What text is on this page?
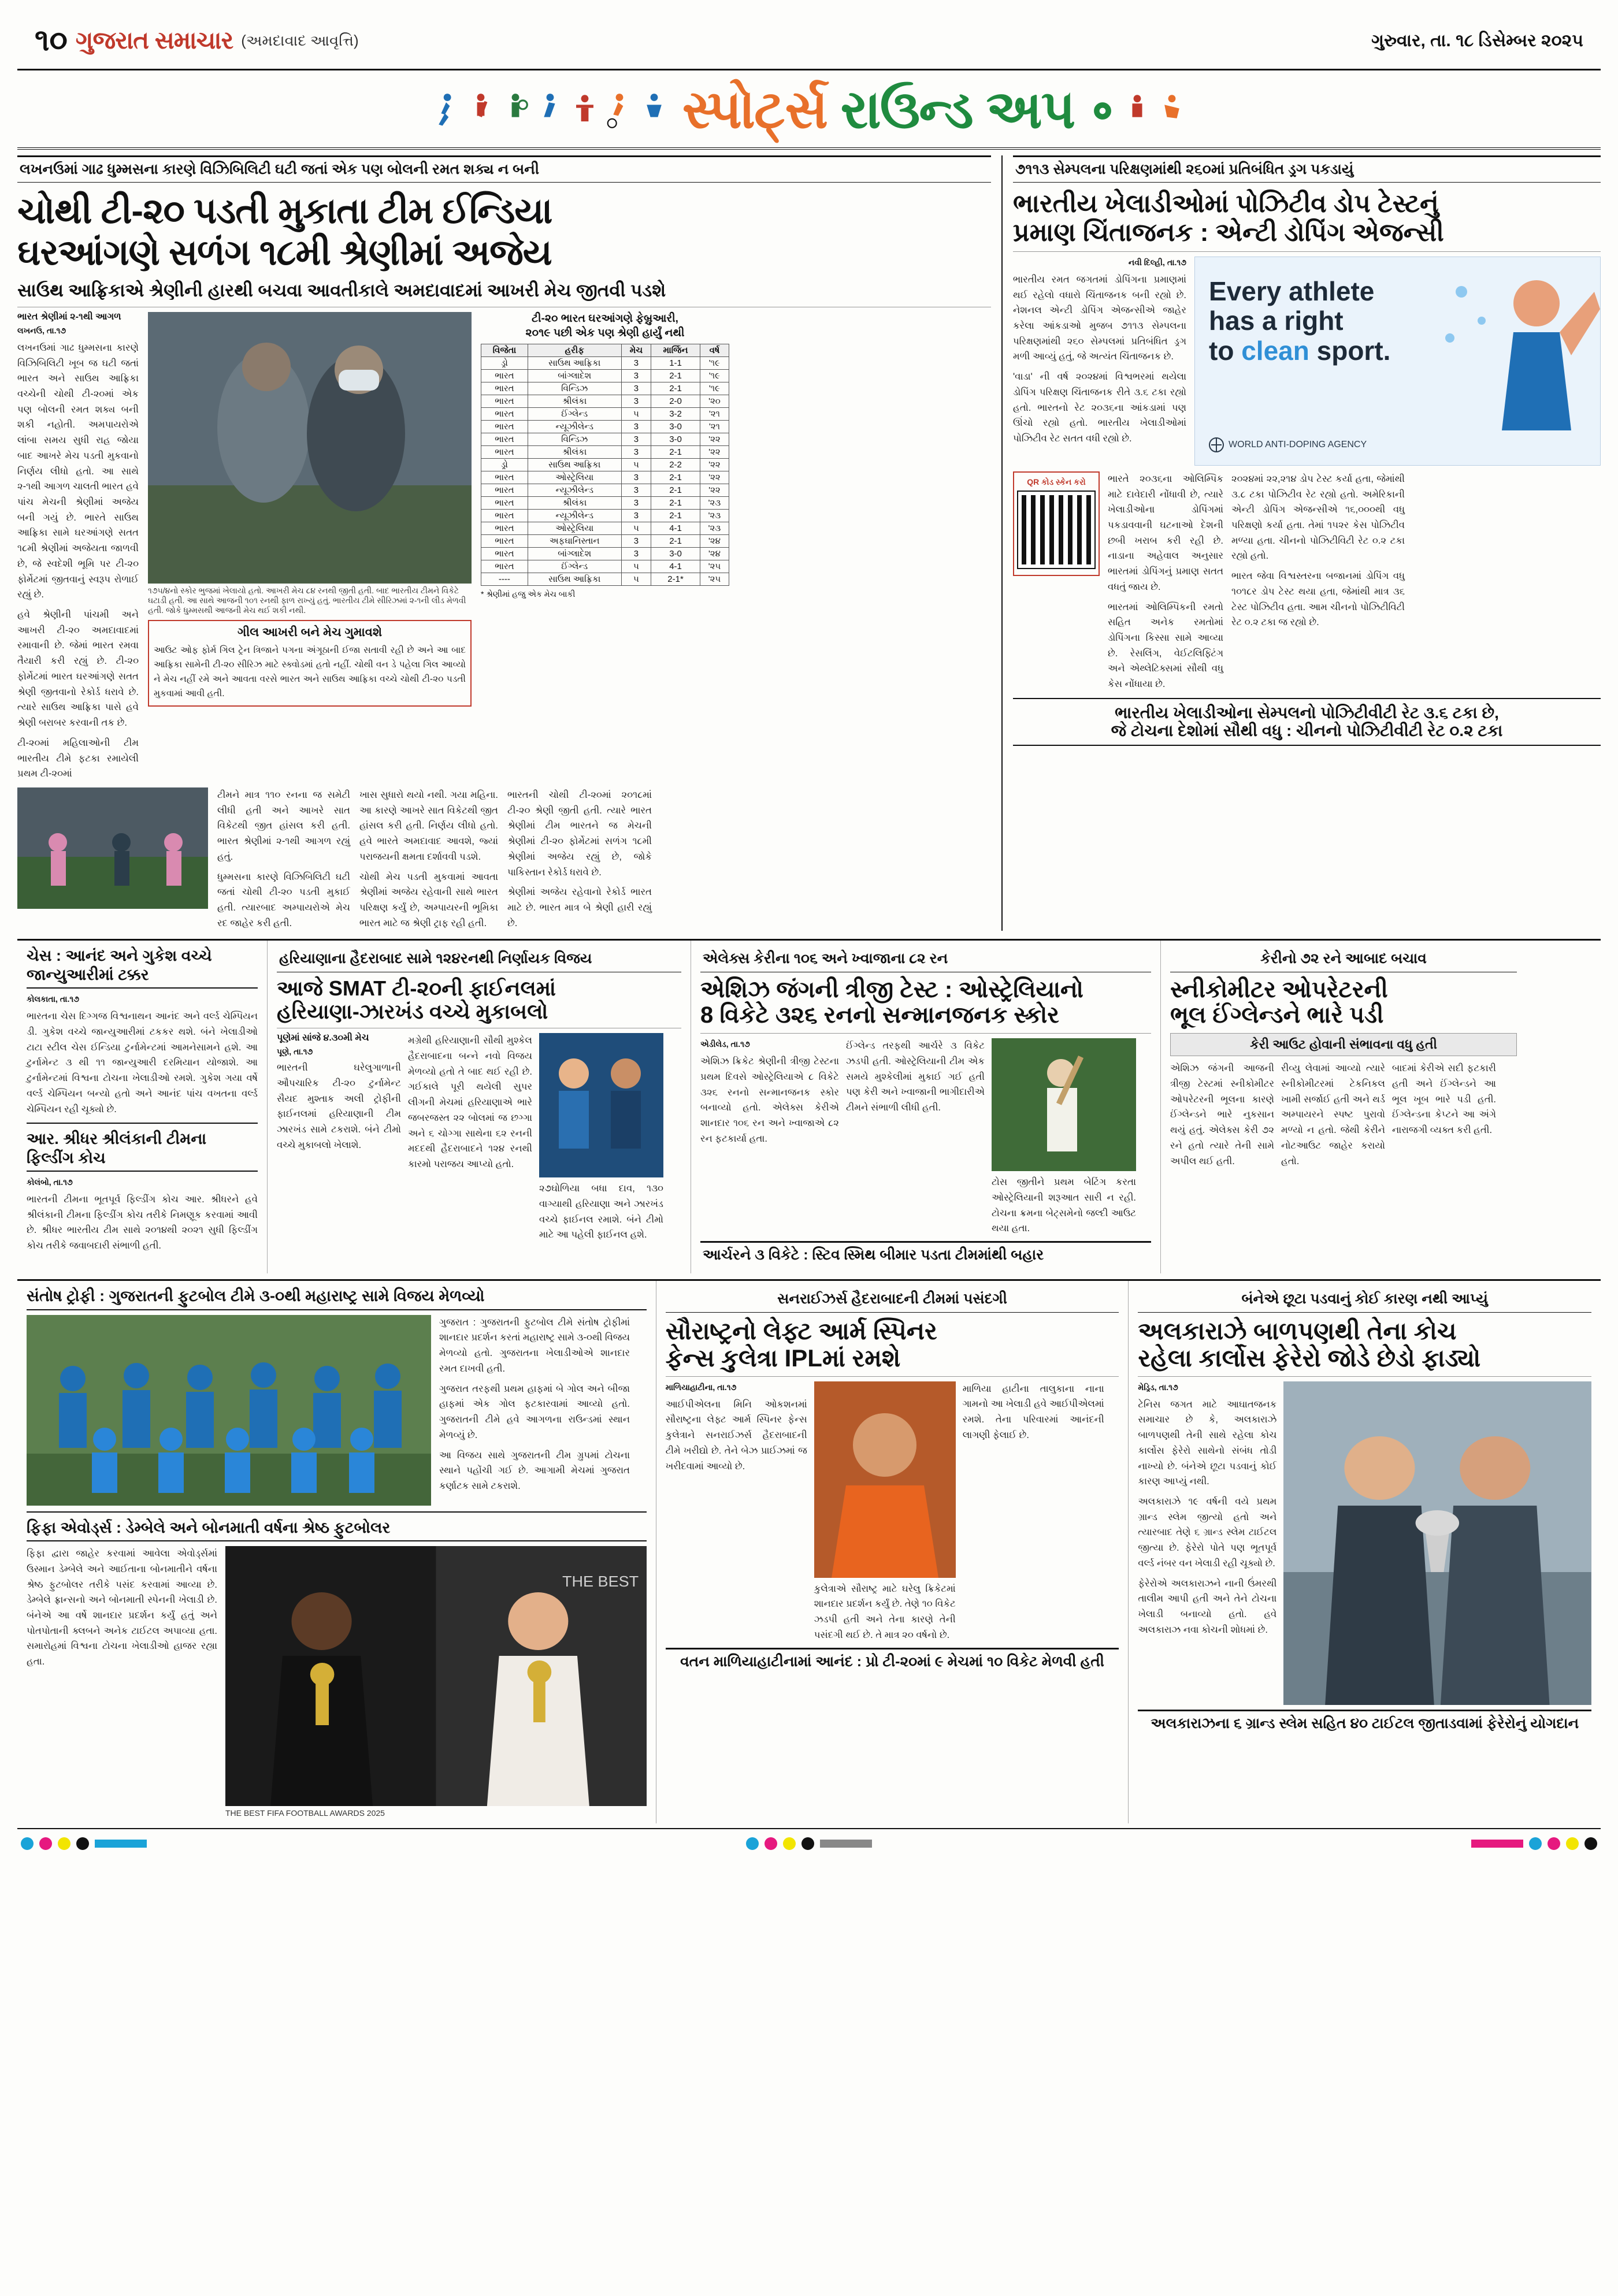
૧૦ ગુજરાત સમાચાર (અમદાવાદ આવૃત્તિ)	ગુરુવાર, તા. ૧૮ ડિસેમ્બર ૨૦૨૫
સ્પોર્ટ્સ રાઉન્ડ અપ
લખનઉમાં ગાઢ ધુમ્મસના કારણે વિઝિબિલિટી ઘટી જતાં એક પણ બોલની રમત શક્ય ન બની
ચોથી ટી-૨૦ પડતી મુકાતા ટીમ ઈન્ડિયા
ઘરઆંગણે સળંગ ૧૮મી શ્રેણીમાં અજેય
સાઉથ આફ્રિકાએ શ્રેણીની હારથી બચવા આવતીકાલે અમદાવાદમાં આખરી મેચ જીતવી પડશે
ભારત શ્રેણીમાં ૨-૧થી આગળ
લખનઉ, તા.૧૭
લખનઉમાં ગાઢ ધુમ્મસના કારણે વિઝિબિલિટી ખૂબ જ ઘટી જતાં ભારત અને સાઉથ આફ્રિકા વચ્ચેની ચોથી ટી-૨૦માં એક પણ બોલની રમત શક્ય બની શકી નહોતી. અમપાયરોએ લાંબા સમય સુધી રાહ જોયા બાદ આખરે મેચ પડતી મુકવાનો નિર્ણય લીધો હતો. આ સાથે ૨-૧થી આગળ ચાલતી ભારત હવે પાંચ મેચની શ્રેણીમાં અજેય બની ગયું છે. ભારતે સાઉથ આફ્રિકા સામે ઘરઆંગણે સતત ૧૮મી શ્રેણીમાં અજેયતા જાળવી છે, જે સ્વદેશી ભૂમિ પર ટી-૨૦ ફોર્મેટમાં જીતવાનું સ્વરૂપ રોળાઈ રહ્યું છે.
હવે શ્રેણીની પાંચમી અને આખરી ટી-૨૦ અમદાવાદમાં રમાવાની છે. જેમાં ભારત રમવા તૈયારી કરી રહ્યું છે. ટી-૨૦ ફોર્મેટમાં ભારત ઘરઆંગણે સતત શ્રેણી જીતવાનો રેકોર્ડ ધરાવે છે. ત્યારે સાઉથ આફ્રિકા પાસે હવે શ્રેણી બરાબર કરવાની તક છે.
ટી-૨૦માં મહિલાઓની ટીમ ભારતીય ટીમે ફટકા રમાયેલી પ્રથમ ટી-૨૦માં
૧૭૫/૪નો સ્કોર ભુજમાં ખેલાયો હતો. આખરી મેચ ૮૪ રનથી જીતી હતી. બાદ ભારતીય ટીમને વિકેટે ઘટાડી હતી. આ સાથે આજની ૧૦૧ રનથી ફાળ રાખ્યું હતું. ભારતીય ટીમે સીરિઝમાં ૨-૧ની લીડ મેળવી હતી. જોકે ધુમ્મસથી આજની મેચ થઈ શકી નથી.
ગીલ આખરી બને મેચ ગુમાવશે
આઉટ ઓફ ફોર્મ ગિલ ટ્રેન ત્રિજાને પગના અંગૂઠાની ઈજા સતાવી રહી છે અને આ બાદ આફ્રિકા સામેની ટી-૨૦ સીરિઝ માટે સ્ક્વોડમાં હતો નહીં. ચોથી વન ડે પહેલા ગિલ આવ્યો ને મેચ નહીં રમે અને આવતા વરસે ભારત અને સાઉથ આફ્રિકા વચ્ચે ચોથી ટી-૨૦ પડતી મુકવામાં આવી હતી.
ટી-૨૦ ભારત ઘરઆંગણે ફેબ્રુઆરી,
૨૦૧૯ પછી એક પણ શ્રેણી હાર્યું નથી
વિજેતા	હરીફ	મેચ	માર્જિન	વર્ષ
ડ્રો	સાઉથ આફ્રિકા	3	1-1	'૧૯
ભારત	બાંગ્લાદેશ	3	2-1	'૧૯
ભારત	વિન્ડિઝ	3	2-1	'૧૯
ભારત	શ્રીલંકા	3	2-0	'૨૦
ભારત	ઈંગ્લેન્ડ	૫	3-2	'૨૧
ભારત	ન્યૂઝીલેન્ડ	3	3-0	'૨૧
ભારત	વિન્ડિઝ	3	3-0	'૨૨
ભારત	શ્રીલંકા	3	2-1	'૨૨
ડ્રો	સાઉથ આફ્રિકા	૫	2-2	'૨૨
ભારત	ઓસ્ટ્રેલિયા	3	2-1	'૨૨
ભારત	ન્યૂઝીલેન્ડ	3	2-1	'૨૨
ભારત	શ્રીલંકા	3	2-1	'૨૩
ભારત	ન્યૂઝીલેન્ડ	3	2-1	'૨૩
ભારત	ઓસ્ટ્રેલિયા	૫	4-1	'૨૩
ભારત	અફઘાનિસ્તાન	3	2-1	'૨૪
ભારત	બાંગ્લાદેશ	3	3-0	'૨૪
ભારત	ઈંગ્લેન્ડ	૫	4-1	'૨૫
----	સાઉથ આફ્રિકા	૫	2-1*	'૨૫
* શ્રેણીમાં હજુ એક મેચ બાકી
ટીમને માત્ર ૧૧૦ રનના જ સમેટી લીધી હતી અને આખરે સાત વિકેટથી જીત હાંસલ કરી હતી. ભારત શ્રેણીમાં ૨-૧થી આગળ રહ્યું હતું.
ધુમ્મસના કારણે વિઝિબિલિટી ઘટી જતાં ચોથી ટી-૨૦ પડતી મુકાઈ હતી. ત્યારબાદ અમ્પાયરોએ મેચ રદ જાહેર કરી હતી.
ખાસ સુધારો થયો નથી. ગયા મહિના. આ કારણે આખરે સાત વિકેટથી જીત હાંસલ કરી હતી. નિર્ણય લીધો હતો. હવે ભારતે અમદાવાદ આવશે, જ્યાં પરાજયની ક્ષમતા દર્શાવવી પડશે.
ચોથી મેચ પડતી મુકવામાં આવતા શ્રેણીમાં અજેય રહેવાની સાથે ભારત પરિક્ષણ કર્યું છે, અમ્પાયરની ભૂમિકા ભારત માટે જ શ્રેણી ટ્રાફ રહી હતી.
ભારતની ચોથી ટી-૨૦માં ૨૦૧૮માં ટી-૨૦ શ્રેણી જીતી હતી. ત્યારે ભારત શ્રેણીમાં ટીમ ભારતને જ મેચની શ્રેણીમાં ટી-૨૦ ફોર્મેટમાં સળંગ ૧૮મી શ્રેણીમાં અજેય રહ્યું છે, જોકે પાકિસ્તાન રેકોર્ડ ધરાવે છે.
શ્રેણીમાં અજેય રહેવાનો રેકોર્ડ ભારત માટે છે. ભારત માત્ર બે શ્રેણી હારી રહ્યું છે.
૭૧૧૩ સેમ્પલના પરિક્ષણમાંથી ૨૬૦માં પ્રતિબંધિત ડ્રગ પકડાયું
ભારતીય ખેલાડીઓમાં પોઝિટીવ ડોપ ટેસ્ટનું
પ્રમાણ ચિંતાજનક : એન્ટી ડોપિંગ એજન્સી
નવી દિલ્હી, તા.૧૭
ભારતીય રમત જગતમાં ડોપિંગના પ્રમાણમાં થઈ રહેલો વધારો ચિંતાજનક બની રહ્યો છે. નેશનલ એન્ટી ડોપિંગ એજન્સીએ જાહેર કરેલા આંકડાઓ મુજબ ૭૧૧૩ સેમ્પલના પરિક્ષણમાંથી ૨૬૦ સેમ્પલમાં પ્રતિબંધિત ડ્રગ મળી આવ્યું હતું, જે અત્યંત ચિંતાજનક છે.
'વાડા' ની વર્ષ ૨૦૨૪માં વિશ્વભરમાં થયેલા ડોપિંગ પરિક્ષણ ચિંતાજનક રીતે ૩.૬ ટકા રહ્યો હતો. ભારતનો રેટ ૨૦૩૬ના આંકડામાં પણ ઊંચો રહ્યો હતો. ભારતીય ખેલાડીઓમાં પોઝિટીવ રેટ સતત વધી રહ્યો છે.
Every athlete
has a right
to clean sport.
WORLD ANTI-DOPING AGENCY
QR કોડ સ્કેન કરો	ભારતે ૨૦૩૬ના ઓલિમ્પિક માટે દાવેદારી નોંધાવી છે, ત્યારે ખેલાડીઓના ડોપિંગમાં પકડાવવાની ઘટનાઓ દેશની છબી ખરાબ કરી રહી છે. નાડાના અહેવાલ અનુસાર ભારતમાં ડોપિંગનું પ્રમાણ સતત વધતું જાય છે.
ભારતમાં ઓલિમ્પિકની રમતો સહિત અનેક રમતોમાં ડોપિંગના કિસ્સા સામે આવ્યા છે. રેસલિંગ, વેઈટલિફ્ટિંગ અને એથ્લેટિક્સમાં સૌથી વધુ કેસ નોંધાયા છે.
૨૦૨૪માં ૨૨,૨૧૪ ડોપ ટેસ્ટ કર્યા હતા, જેમાંથી ૩.૮ ટકા પોઝિટીવ રેટ રહ્યો હતો. અમેરિકાની એન્ટી ડોપિંગ એજન્સીએ ૧૬,૦૦૦થી વધુ પરિક્ષણો કર્યા હતા. તેમાં ૧૫૨ર કેસ પોઝિટીવ મળ્યા હતા. ચીનનો પોઝિટીવિટી રેટ ૦.૨ ટકા રહ્યો હતો.
ભારત જેવા વિશ્વસ્તરના બજાનમાં ડોપિંગ વધુ ૧૦૧૮ર ડોપ ટેસ્ટ થયા હતા, જેમાંથી માત્ર ૩૬ ટેસ્ટ પોઝિટીવ હતા. આમ ચીનનો પોઝિટીવિટી રેટ ૦.૨ ટકા જ રહ્યો છે.
ભારતીય ખેલાડીઓના સેમ્પલનો પોઝિટીવીટી રેટ ૩.૬ ટકા છે,
જે ટોચના દેશોમાં સૌથી વધુ : ચીનનો પોઝિટીવીટી રેટ ૦.૨ ટકા
ચેસ : આનંદ અને ગુકેશ વચ્ચે જાન્યુઆરીમાં ટક્કર
કોલકાતા, તા.૧૭
ભારતના ચેસ દિગ્ગજ વિશ્વનાથન આનંદ અને વર્લ્ડ ચેમ્પિયન ડી. ગુકેશ વચ્ચે જાન્યુઆરીમાં ટકકર થશે. બંને ખેલાડીઓ ટાટા સ્ટીલ ચેસ ઈન્ડિયા ટુર્નામેન્ટમાં આમનેસામને હશે. આ ટુર્નામેન્ટ ૩ થી ૧૧ જાન્યુઆરી દરમિયાન યોજાશે. આ ટુર્નામેન્ટમાં વિશ્વના ટોચના ખેલાડીઓ રમશે. ગુકેશ ગયા વર્ષે વર્લ્ડ ચેમ્પિયન બન્યો હતો અને આનંદ પાંચ વખતના વર્લ્ડ ચેમ્પિયન રહી ચૂક્યો છે.
આર. શ્રીધર શ્રીલંકાની ટીમના ફિલ્ડીંગ કોચ
કોલંબો, તા.૧૭
ભારતની ટીમના ભૂતપૂર્વ ફિલ્ડીંગ કોચ આર. શ્રીધરને હવે શ્રીલંકાની ટીમના ફિલ્ડીંગ કોચ તરીકે નિમણૂક કરવામાં આવી છે. શ્રીધર ભારતીય ટીમ સાથે ૨૦૧૪થી ૨૦૨૧ સુધી ફિલ્ડીંગ કોચ તરીકે જવાબદારી સંભાળી હતી.
હરિયાણાના હૈદરાબાદ સામે ૧૨૪રનથી નિર્ણાયક વિજય
આજે SMAT ટી-૨૦ની ફાઈનલમાં
હરિયાણા-ઝારખંડ વચ્ચે મુકાબલો
પૂણેમાં સાંજે ૪.૩૦મી મેચ
પૂણે, તા.૧૭
ભારતની ઘરેલુગાળાની ઔપચારિક ટી-૨૦ ટુર્નામેન્ટ સૈયદ મુશ્તાક અલી ટ્રોફીની ફાઈનલમાં હરિયાણાની ટીમ ઝારખંડ સામે ટકરાશે. બંને ટીમો વચ્ચે મુકાબલો ખેલાશે.
મગ્રેથી હરિયાણાની સૌથી મુશ્કેલ હૈદરાબાદના બન્ને નવો વિજય મેળવ્યો હતો તે બાદ થઈ રહી છે. ગઈકાલે પૂરી થયેલી સુપર લીગની મેચમાં હરિયાણાએ ભારે જબરજસ્ત ૨૨ બોલમાં જ છગ્ગા અને ૬ ચોગ્ગા સાથેના ૬૨ રનની મદદથી હૈદરાબાદને ૧૨૪ રનથી કારમો પરાજય આપ્યો હતો.
૨૭ઘોળિયા બધા દાવ, ૧૩૦ વાગ્યાથી હરિયાણા અને ઝારખંડ વચ્ચે ફાઈનલ રમાશે. બંને ટીમો માટે આ પહેલી ફાઈનલ હશે.
એલેક્સ કેરીના ૧૦૬ અને ખ્વાજાના ૮૨ રન
એશિઝ જંગની ત્રીજી ટેસ્ટ : ઓસ્ટ્રેલિયાનો
8 વિકેટે ૩૨૬ રનનો સન્માનજનક સ્કોર
એડીલેડ, તા.૧૭
એશિઝ ક્રિકેટ શ્રેણીની ત્રીજી ટેસ્ટના પ્રથમ દિવસે ઓસ્ટ્રેલિયાએ ૮ વિકેટે ૩૨૬ રનનો સન્માનજનક સ્કોર બનાવ્યો હતો. એલેક્સ કેરીએ શાનદાર ૧૦૬ રન અને ખ્વાજાએ ૮૨ રન ફટકાર્યા હતા.
ઈંગ્લેન્ડ તરફથી આર્ચરે ૩ વિકેટ ઝડપી હતી. ઓસ્ટ્રેલિયાની ટીમ એક સમયે મુશ્કેલીમાં મુકાઈ ગઈ હતી પણ કેરી અને ખ્વાજાની ભાગીદારીએ ટીમને સંભાળી લીધી હતી.
ટોસ જીતીને પ્રથમ બેટિંગ કરતા ઓસ્ટ્રેલિયાની શરૂઆત સારી ન રહી. ટોચના ક્રમના બેટ્સમેનો જલ્દી આઉટ થયા હતા.
આર્ચરને ૩ વિકેટે : સ્ટિવ સ્મિથ બીમાર પડતા ટીમમાંથી બહાર
કેરીનો ૭૨ રને આબાદ બચાવ
સ્નીકોમીટર ઓપરેટરની
ભૂલ ઈંગ્લેન્ડને ભારે પડી
કેરી આઉટ હોવાની સંભાવના વધુ હતી
એશિઝ જંગની આજની ત્રીજી ટેસ્ટમાં સ્નીકોમીટર ઓપરેટરની ભૂલના કારણે ઈંગ્લેન્ડને ભારે નુકસાન થયું હતું. એલેક્સ કેરી ૭૨ રને હતો ત્યારે તેની સામે અપીલ થઈ હતી.
રીવ્યુ લેવામાં આવ્યો ત્યારે સ્નીકોમીટરમાં ટેકનિકલ ખામી સર્જાઈ હતી અને થર્ડ અમ્પાયરને સ્પષ્ટ પુરાવો મળ્યો ન હતો. જેથી કેરીને નોટઆઉટ જાહેર કરાયો હતો.
બાદમાં કેરીએ સદી ફટકારી હતી અને ઈંગ્લેન્ડને આ ભૂલ ખૂબ ભારે પડી હતી. ઈંગ્લેન્ડના કેપ્ટને આ અંગે નારાજગી વ્યક્ત કરી હતી.
સંતોષ ટ્રોફી : ગુજરાતની ફુટબોલ ટીમે ૩-૦થી મહારાષ્ટ્ર સામે વિજય મેળવ્યો
ગુજરાત : ગુજરાતની ફુટબોલ ટીમે સંતોષ ટ્રોફીમાં શાનદાર પ્રદર્શન કરતાં મહારાષ્ટ્ર સામે ૩-૦થી વિજય મેળવ્યો હતો. ગુજરાતના ખેલાડીઓએ શાનદાર રમત દાખવી હતી.
ગુજરાત તરફથી પ્રથમ હાફમાં બે ગોલ અને બીજા હાફમાં એક ગોલ ફટકારવામાં આવ્યો હતો. ગુજરાતની ટીમે હવે આગળના રાઉન્ડમાં સ્થાન મેળવ્યું છે.
આ વિજય સાથે ગુજરાતની ટીમ ગ્રુપમાં ટોચના સ્થાને પહોંચી ગઈ છે. આગામી મેચમાં ગુજરાત કર્ણાટક સામે ટકરાશે.
ફિફા એવોર્ડ્સ : ડેમ્બેલે અને બોનમાતી વર્ષના શ્રેષ્ઠ ફુટબોલર
ફિફા દ્વારા જાહેર કરવામાં આવેલા એવોર્ડ્સમાં ઉસ્માન ડેમ્બેલે અને આઈતાના બોનમાતીને વર્ષના શ્રેષ્ઠ ફુટબોલર તરીકે પસંદ કરવામાં આવ્યા છે. ડેમ્બેલે ફ્રાન્સનો અને બોનમાતી સ્પેનની ખેલાડી છે. બંનેએ આ વર્ષે શાનદાર પ્રદર્શન કર્યું હતું અને પોતપોતાની ક્લબને અનેક ટાઈટલ અપાવ્યા હતા. સમારોહમાં વિશ્વના ટોચના ખેલાડીઓ હાજર રહ્યા હતા.
THE BEST
THE BEST FIFA FOOTBALL AWARDS 2025
સનરાઈઝર્સ હૈદરાબાદની ટીમમાં પસંદગી
સૌરાષ્ટ્રનો લેફ્ટ આર્મ સ્પિનર
ફેન્સ કુલેત્રા IPLમાં રમશે
માળિયાહાટીના, તા.૧૭
આઈપીએલના મિનિ ઓકશનમાં સૌરાષ્ટ્રના લેફ્ટ આર્મ સ્પિનર ફેન્સ કુલેત્રાને સનરાઈઝર્સ હૈદરાબાદની ટીમે ખરીદ્યો છે. તેને બેઝ પ્રાઈઝમાં જ ખરીદવામાં આવ્યો છે.
કુલેત્રાએ સૌરાષ્ટ્ર માટે ઘરેલુ ક્રિકેટમાં શાનદાર પ્રદર્શન કર્યું છે. તેણે ૧૦ વિકેટ ઝડપી હતી અને તેના કારણે તેની પસંદગી થઈ છે. તે માત્ર ૨૦ વર્ષનો છે.
માળિયા હાટીના તાલુકાના નાના ગામનો આ ખેલાડી હવે આઈપીએલમાં રમશે. તેના પરિવારમાં આનંદની લાગણી ફેલાઈ છે.
વતન માળિયાહાટીનામાં આનંદ : પ્રો ટી-૨૦માં ૯ મેચમાં ૧૦ વિકેટ મેળવી હતી
બંનેએ છૂટા પડવાનું કોઈ કારણ નથી આપ્યું
અલકારાઝે બાળપણથી તેના કોચ
રહેલા કાર્લોસ ફેરેરો જોડે છેડો ફાડ્યો
મેડ્રિડ, તા.૧૭
ટેનિસ જગત માટે આઘાતજનક સમાચાર છે કે, અલકારાઝે બાળપણથી તેની સાથે રહેલા કોચ કાર્લોસ ફેરેરો સાથેનો સંબંધ તોડી નાખ્યો છે. બંનેએ છૂટા પડવાનું કોઈ કારણ આપ્યું નથી.
અલકારાઝે ૧૯ વર્ષની વયે પ્રથમ ગ્રાન્ડ સ્લેમ જીત્યો હતો અને ત્યારબાદ તેણે ૬ ગ્રાન્ડ સ્લેમ ટાઈટલ જીત્યા છે. ફેરેરો પોતે પણ ભૂતપૂર્વ વર્લ્ડ નંબર વન ખેલાડી રહી ચૂક્યો છે.
ફેરેરોએ અલકારાઝને નાની ઉંમરથી તાલીમ આપી હતી અને તેને ટોચના ખેલાડી બનાવ્યો હતો. હવે અલકારાઝ નવા કોચની શોધમાં છે.
અલકારાઝના ૬ ગ્રાન્ડ સ્લેમ સહિત ૪૦ ટાઈટલ જીતાડવામાં ફેરેરોનું યોગદાન
